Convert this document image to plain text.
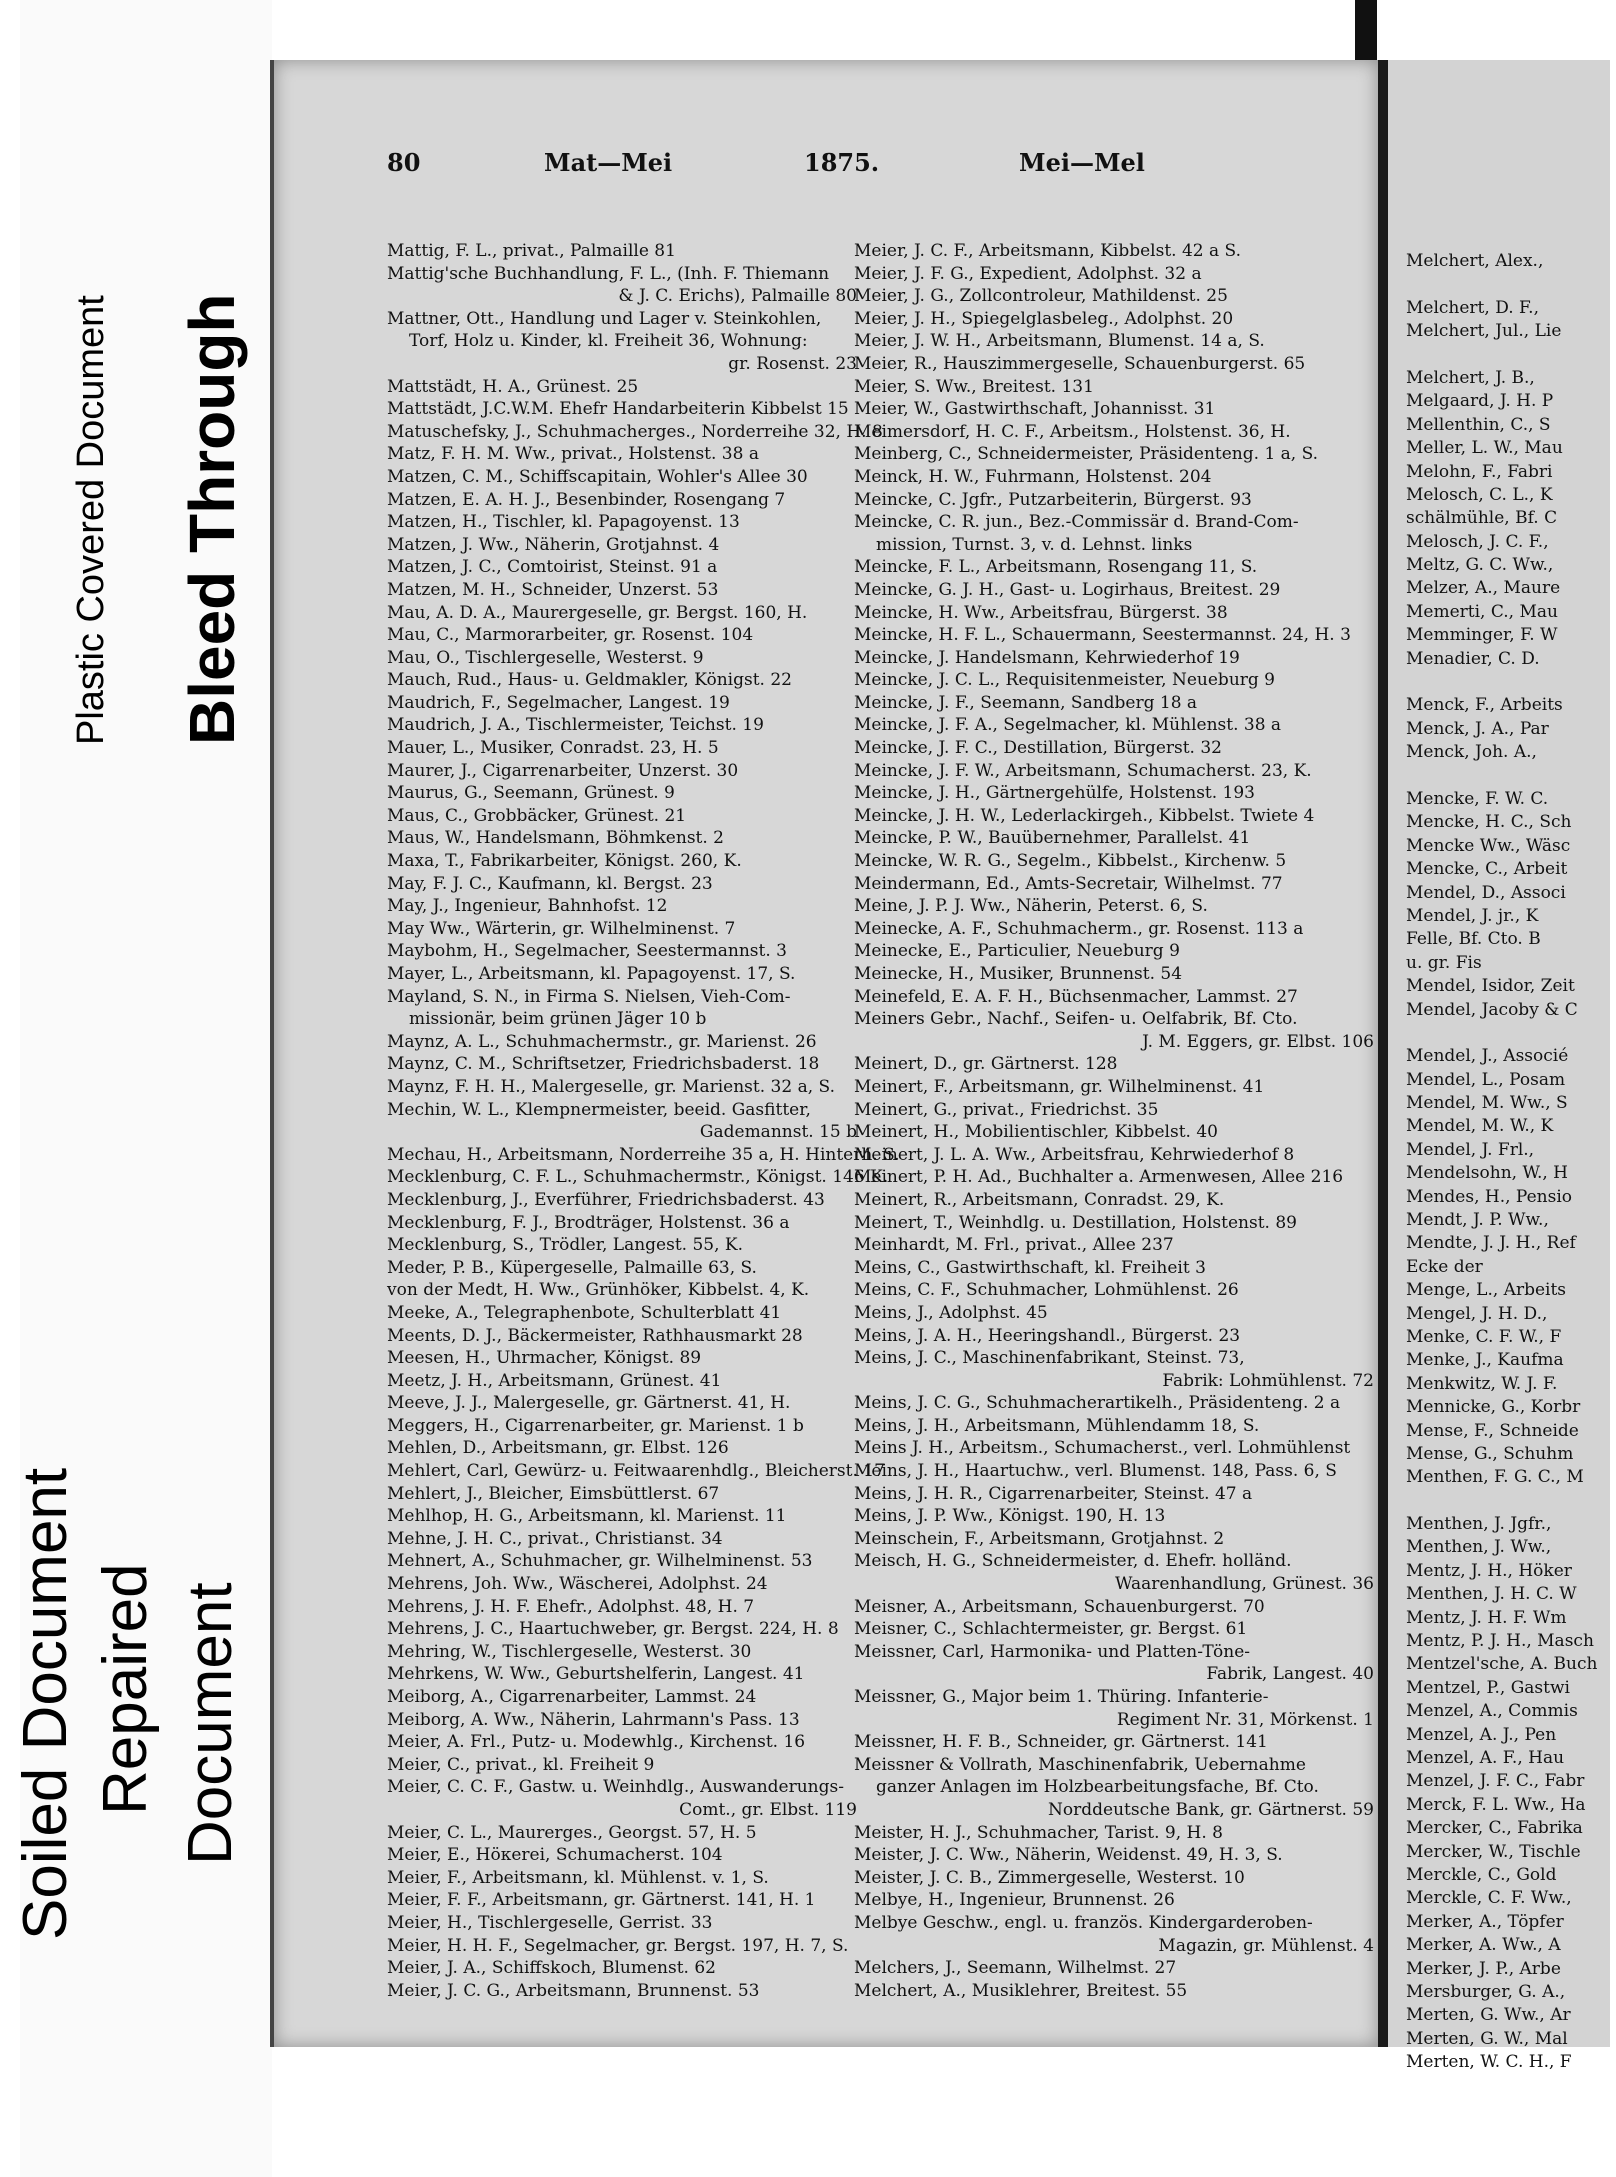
Plastic Covered Document Bleed Through
Soiled Document Repaired Document
80	Mat—Mei	1875.	Mei—Mel
Mattig, F. L., privat., Palmaille 81
Mattig'sche Buchhandlung, F. L., (Inh. F. Thiemann
& J. C. Erichs), Palmaille 80
Mattner, Ott., Handlung und Lager v. Steinkohlen,
Torf, Holz u. Kinder, kl. Freiheit 36, Wohnung:
gr. Rosenst. 23
Mattstädt, H. A., Grünest. 25
Mattstädt, J.C.W.M. Ehefr Handarbeiterin Kibbelst 15
Matuschefsky, J., Schuhmacherges., Norderreihe 32, H. 8
Matz, F. H. M. Ww., privat., Holstenst. 38 a
Matzen, C. M., Schiffscapitain, Wohler's Allee 30
Matzen, E. A. H. J., Besenbinder, Rosengang 7
Matzen, H., Tischler, kl. Papagoyenst. 13
Matzen, J. Ww., Näherin, Grotjahnst. 4
Matzen, J. C., Comtoirist, Steinst. 91 a
Matzen, M. H., Schneider, Unzerst. 53
Mau, A. D. A., Maurergeselle, gr. Bergst. 160, H.
Mau, C., Marmorarbeiter, gr. Rosenst. 104
Mau, O., Tischlergeselle, Westerst. 9
Mauch, Rud., Haus- u. Geldmakler, Königst. 22
Maudrich, F., Segelmacher, Langest. 19
Maudrich, J. A., Tischlermeister, Teichst. 19
Mauer, L., Musiker, Conradst. 23, H. 5
Maurer, J., Cigarrenarbeiter, Unzerst. 30
Maurus, G., Seemann, Grünest. 9
Maus, C., Grobbäcker, Grünest. 21
Maus, W., Handelsmann, Böhmkenst. 2
Maxa, T., Fabrikarbeiter, Königst. 260, K.
May, F. J. C., Kaufmann, kl. Bergst. 23
May, J., Ingenieur, Bahnhofst. 12
May Ww., Wärterin, gr. Wilhelminenst. 7
Maybohm, H., Segelmacher, Seestermannst. 3
Mayer, L., Arbeitsmann, kl. Papagoyenst. 17, S.
Mayland, S. N., in Firma S. Nielsen, Vieh-Com-
missionär, beim grünen Jäger 10 b
Maynz, A. L., Schuhmachermstr., gr. Marienst. 26
Maynz, C. M., Schriftsetzer, Friedrichsbaderst. 18
Maynz, F. H. H., Malergeselle, gr. Marienst. 32 a, S.
Mechin, W. L., Klempnermeister, beeid. Gasfitter,
Gademannst. 15 b
Mechau, H., Arbeitsmann, Norderreihe 35 a, H. Hinterh. S.
Mecklenburg, C. F. L., Schuhmachermstr., Königst. 146 K.
Mecklenburg, J., Everführer, Friedrichsbaderst. 43
Mecklenburg, F. J., Brodträger, Holstenst. 36 a
Mecklenburg, S., Trödler, Langest. 55, K.
Meder, P. B., Küpergeselle, Palmaille 63, S.
von der Medt, H. Ww., Grünhöker, Kibbelst. 4, K.
Meeke, A., Telegraphenbote, Schulterblatt 41
Meents, D. J., Bäckermeister, Rathhausmarkt 28
Meesen, H., Uhrmacher, Königst. 89
Meetz, J. H., Arbeitsmann, Grünest. 41
Meeve, J. J., Malergeselle, gr. Gärtnerst. 41, H.
Meggers, H., Cigarrenarbeiter, gr. Marienst. 1 b
Mehlen, D., Arbeitsmann, gr. Elbst. 126
Mehlert, Carl, Gewürz- u. Feitwaarenhdlg., Bleicherst. 17
Mehlert, J., Bleicher, Eimsbüttlerst. 67
Mehlhop, H. G., Arbeitsmann, kl. Marienst. 11
Mehne, J. H. C., privat., Christianst. 34
Mehnert, A., Schuhmacher, gr. Wilhelminenst. 53
Mehrens, Joh. Ww., Wäscherei, Adolphst. 24
Mehrens, J. H. F. Ehefr., Adolphst. 48, H. 7
Mehrens, J. C., Haartuchweber, gr. Bergst. 224, H. 8
Mehring, W., Tischlergeselle, Westerst. 30
Mehrkens, W. Ww., Geburtshelferin, Langest. 41
Meiborg, A., Cigarrenarbeiter, Lammst. 24
Meiborg, A. Ww., Näherin, Lahrmann's Pass. 13
Meier, A. Frl., Putz- u. Modewhlg., Kirchenst. 16
Meier, C., privat., kl. Freiheit 9
Meier, C. C. F., Gastw. u. Weinhdlg., Auswanderungs-
Comt., gr. Elbst. 119
Meier, C. L., Maurerges., Georgst. 57, H. 5
Meier, E., Höкerei, Schumacherst. 104
Meier, F., Arbeitsmann, kl. Mühlenst. v. 1, S.
Meier, F. F., Arbeitsmann, gr. Gärtnerst. 141, H. 1
Meier, H., Tischlergeselle, Gerrist. 33
Meier, H. H. F., Segelmacher, gr. Bergst. 197, H. 7, S.
Meier, J. A., Schiffskoch, Blumenst. 62
Meier, J. C. G., Arbeitsmann, Brunnenst. 53
Meier, J. C. F., Arbeitsmann, Kibbelst. 42 a S.
Meier, J. F. G., Expedient, Adolphst. 32 a
Meier, J. G., Zollcontroleur, Mathildenst. 25
Meier, J. H., Spiegelglasbeleg., Adolphst. 20
Meier, J. W. H., Arbeitsmann, Blumenst. 14 a, S.
Meier, R., Hauszimmergeselle, Schauenburgerst. 65
Meier, S. Ww., Breitest. 131
Meier, W., Gastwirthschaft, Johannisst. 31
Meimersdorf, H. C. F., Arbeitsm., Holstenst. 36, H.
Meinberg, C., Schneidermeister, Präsidenteng. 1 a, S.
Meinck, H. W., Fuhrmann, Holstenst. 204
Meincke, C. Jgfr., Putzarbeiterin, Bürgerst. 93
Meincke, C. R. jun., Bez.-Commissär d. Brand-Com-
mission, Turnst. 3, v. d. Lehnst. links
Meincke, F. L., Arbeitsmann, Rosengang 11, S.
Meincke, G. J. H., Gast- u. Logirhaus, Breitest. 29
Meincke, H. Ww., Arbeitsfrau, Bürgerst. 38
Meincke, H. F. L., Schauermann, Seestermannst. 24, H. 3
Meincke, J. Handelsmann, Kehrwiederhof 19
Meincke, J. C. L., Requisitenmeister, Neueburg 9
Meincke, J. F., Seemann, Sandberg 18 a
Meincke, J. F. A., Segelmacher, kl. Mühlenst. 38 a
Meincke, J. F. C., Destillation, Bürgerst. 32
Meincke, J. F. W., Arbeitsmann, Schumacherst. 23, K.
Meincke, J. H., Gärtnergehülfe, Holstenst. 193
Meincke, J. H. W., Lederlackirgeh., Kibbelst. Twiete 4
Meincke, P. W., Bauübernehmer, Parallelst. 41
Meincke, W. R. G., Segelm., Kibbelst., Kirchenw. 5
Meindermann, Ed., Amts-Secretair, Wilhelmst. 77
Meine, J. P. J. Ww., Näherin, Peterst. 6, S.
Meinecke, A. F., Schuhmacherm., gr. Rosenst. 113 a
Meinecke, E., Particulier, Neueburg 9
Meinecke, H., Musiker, Brunnenst. 54
Meinefeld, E. A. F. H., Büchsenmacher, Lammst. 27
Meiners Gebr., Nachf., Seifen- u. Oelfabrik, Bf. Cto.
J. M. Eggers, gr. Elbst. 106
Meinert, D., gr. Gärtnerst. 128
Meinert, F., Arbeitsmann, gr. Wilhelminenst. 41
Meinert, G., privat., Friedrichst. 35
Meinert, H., Mobilientischler, Kibbelst. 40
Meinert, J. L. A. Ww., Arbeitsfrau, Kehrwiederhof 8
Meinert, P. H. Ad., Buchhalter a. Armenwesen, Allee 216
Meinert, R., Arbeitsmann, Conradst. 29, K.
Meinert, T., Weinhdlg. u. Destillation, Holstenst. 89
Meinhardt, M. Frl., privat., Allee 237
Meins, C., Gastwirthschaft, kl. Freiheit 3
Meins, C. F., Schuhmacher, Lohmühlenst. 26
Meins, J., Adolphst. 45
Meins, J. A. H., Heeringshandl., Bürgerst. 23
Meins, J. C., Maschinenfabrikant, Steinst. 73,
Fabrik: Lohmühlenst. 72
Meins, J. C. G., Schuhmacherartikelh., Präsidenteng. 2 a
Meins, J. H., Arbeitsmann, Mühlendamm 18, S.
Meins J. H., Arbeitsm., Schumacherst., verl. Lohmühlenst
Meins, J. H., Haartuchw., verl. Blumenst. 148, Pass. 6, S
Meins, J. H. R., Cigarrenarbeiter, Steinst. 47 a
Meins, J. P. Ww., Königst. 190, H. 13
Meinschein, F., Arbeitsmann, Grotjahnst. 2
Meisch, H. G., Schneidermeister, d. Ehefr. holländ.
Waarenhandlung, Grünest. 36
Meisner, A., Arbeitsmann, Schauenburgerst. 70
Meisner, C., Schlachtermeister, gr. Bergst. 61
Meissner, Carl, Harmonika- und Platten-Töne-
Fabrik, Langest. 40
Meissner, G., Major beim 1. Thüring. Infanterie-
Regiment Nr. 31, Mörkenst. 1
Meissner, H. F. B., Schneider, gr. Gärtnerst. 141
Meissner & Vollrath, Maschinenfabrik, Uebernahme
ganzer Anlagen im Holzbearbeitungsfache, Bf. Cto.
Norddeutsche Bank, gr. Gärtnerst. 59
Meister, H. J., Schuhmacher, Tarist. 9, H. 8
Meister, J. C. Ww., Näherin, Weidenst. 49, H. 3, S.
Meister, J. C. B., Zimmergeselle, Westerst. 10
Melbye, H., Ingenieur, Brunnenst. 26
Melbye Geschw., engl. u. französ. Kindergarderoben-
Magazin, gr. Mühlenst. 4
Melchers, J., Seemann, Wilhelmst. 27
Melchert, A., Musiklehrer, Breitest. 55
Melchert, Alex.,
Melchert, D. F.,
Melchert, Jul., Lie
Melchert, J. B.,
Melgaard, J. H. P
Mellenthin, C., S
Meller, L. W., Mau
Melohn, F., Fabri
Melosch, C. L., K
schälmühle, Bf. C
Melosch, J. C. F.,
Meltz, G. C. Ww.,
Melzer, A., Maure
Memerti, C., Mau
Memminger, F. W
Menadier, C. D.
Menck, F., Arbeits
Menck, J. A., Par
Menck, Joh. A.,
Mencke, F. W. C.
Mencke, H. C., Sch
Mencke Ww., Wäsc
Mencke, C., Arbeit
Mendel, D., Associ
Mendel, J. jr., K
Felle, Bf. Cto. B
u. gr. Fis
Mendel, Isidor, Zeit
Mendel, Jacoby & C
Mendel, J., Associé
Mendel, L., Posam
Mendel, M. Ww., S
Mendel, M. W., K
Mendel, J. Frl.,
Mendelsohn, W., H
Mendes, H., Pensio
Mendt, J. P. Ww.,
Mendte, J. J. H., Ref
Ecke der
Menge, L., Arbeits
Mengel, J. H. D.,
Menke, C. F. W., F
Menke, J., Kaufma
Menkwitz, W. J. F.
Mennicke, G., Korbr
Mense, F., Schneide
Mense, G., Schuhm
Menthen, F. G. C., M
Menthen, J. Jgfr.,
Menthen, J. Ww.,
Mentz, J. H., Höker
Menthen, J. H. C. W
Mentz, J. H. F. Wm
Mentz, P. J. H., Masch
Mentzel'sche, A. Buch
Mentzel, P., Gastwi
Menzel, A., Commis
Menzel, A. J., Pen
Menzel, A. F., Hau
Menzel, J. F. C., Fabr
Merck, F. L. Ww., Ha
Mercker, C., Fabrika
Mercker, W., Tischle
Merckle, C., Gold
Merckle, C. F. Ww.,
Merker, A., Töpfer
Merker, A. Ww., A
Merker, J. P., Arbe
Mersburger, G. A.,
Merten, G. Ww., Ar
Merten, G. W., Mal
Merten, W. C. H., F
